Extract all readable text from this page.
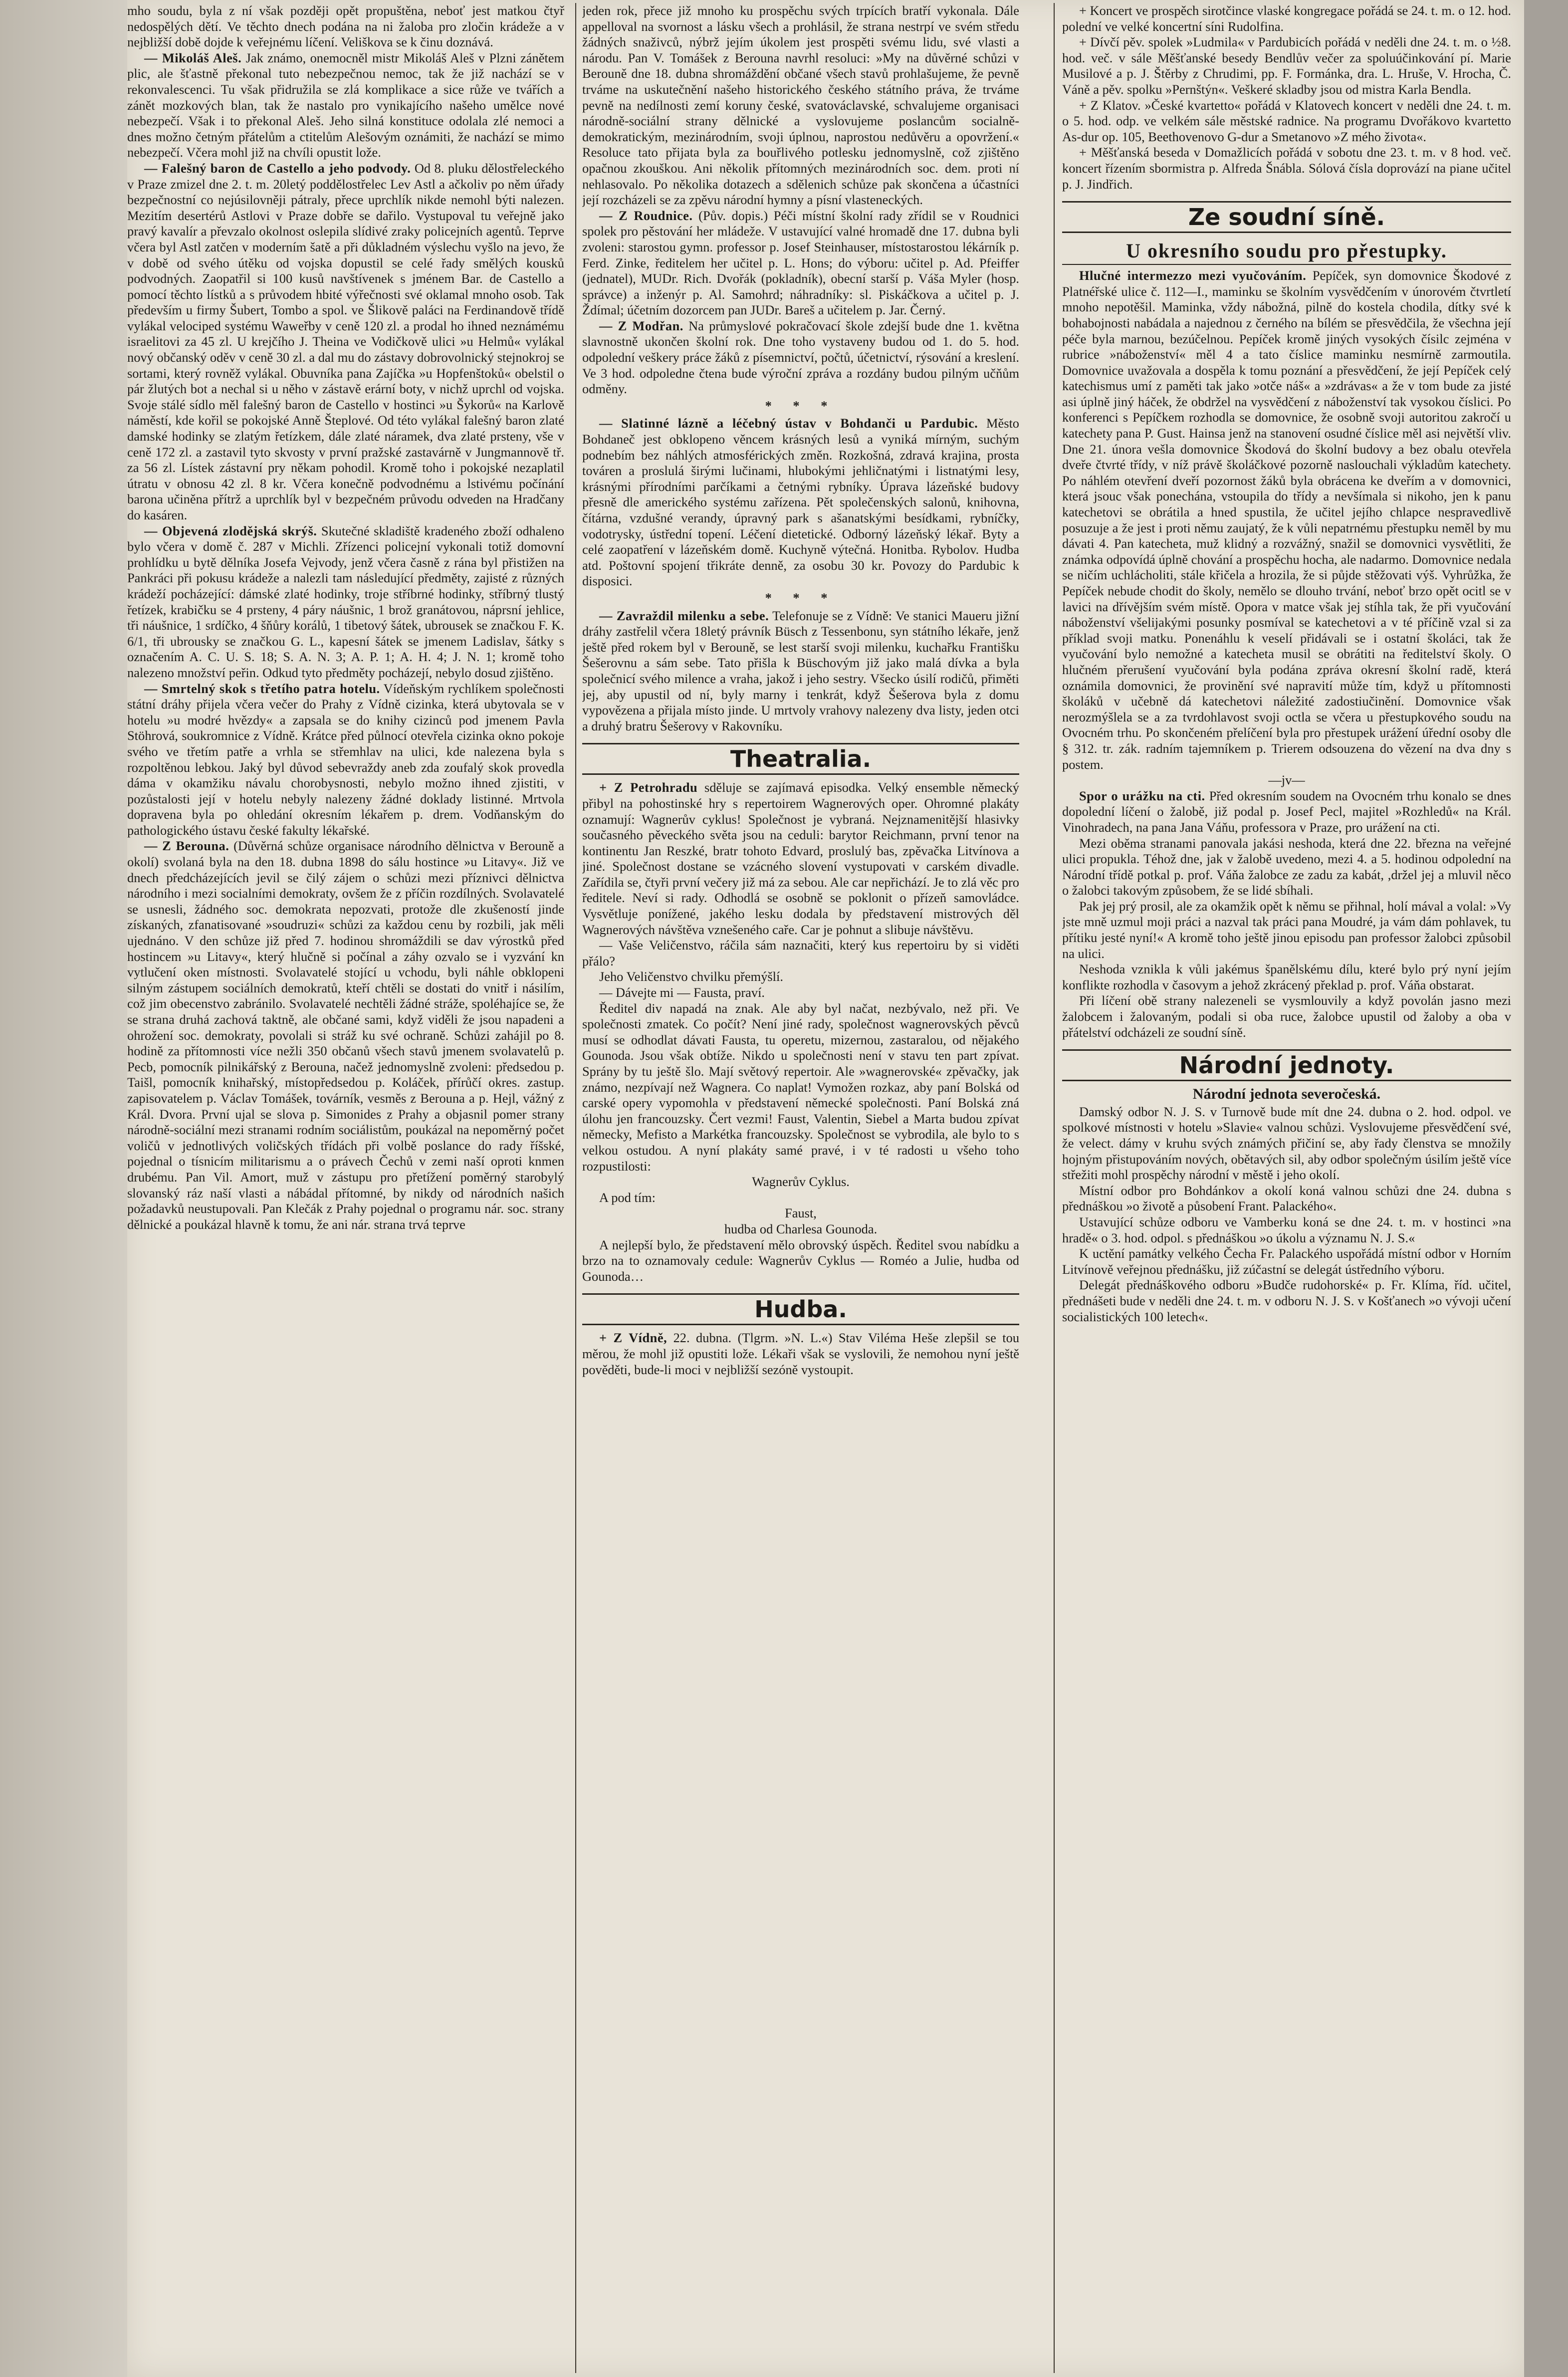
mho soudu, byla z ní však později opět propuštěna, neboť jest matkou čtyř nedospělých dětí. Ve těchto dnech podána na ni žaloba pro zločin krádeže a v nejbližší době dojde k veřejnému líčení. Veliškova se k činu doznává.

— Mikoláš Aleš. Jak známo, onemocněl mistr Mikoláš Aleš v Plzni zánětem plic, ale šťastně překonal tuto nebezpečnou nemoc, tak že již nachází se v rekonvalescenci. Tu však přidružila se zlá komplikace a sice růže ve tvářích a zánět mozkových blan, tak že nastalo pro vynikajícího našeho umělce nové nebezpečí. Však i to překonal Aleš. Jeho silná konstituce odolala zlé nemoci a dnes možno četným přátelům a ctitelům Alešovým oznámiti, že nachází se mimo nebezpečí. Včera mohl již na chvíli opustit lože.

— Falešný baron de Castello a jeho podvody. Od 8. pluku dělostřeleckého v Praze zmizel dne 2. t. m. 20letý poddělostřelec Lev Astl a ačkoliv po něm úřady bezpečnostní co nejúsilovněji pátraly, přece uprchlík nikde nemohl býti nalezen. Mezitím desertérů Astlovi v Praze dobře se dařilo. Vystupoval tu veřejně jako pravý kavalír a převzalo okolnost oslepila slídivé zraky policejních agentů. Teprve včera byl Astl zatčen v moderním šatě a při důkladném výslechu vyšlo na jevo, že v době od svého útěku od vojska dopustil se celé řady smělých kousků podvodných. Zaopatřil si 100 kusů navštívenek s jménem Bar. de Castello a pomocí těchto lístků a s průvodem hbité výřečnosti své oklamal mnoho osob. Tak především u firmy Šubert, Tombo a spol. ve Šlikově paláci na Ferdinandově třídě vylákal velociped systému Waweřby v ceně 120 zl. a prodal ho ihned neznámému israelitovi za 45 zl. U krejčího J. Theina ve Vodičkově ulici »u Helmů« vylákal nový občanský oděv v ceně 30 zl. a dal mu do zástavy dobrovolnický stejnokroj se sortami, který rovněž vylákal. Obuvníka pana Zajíčka »u Hopfenštoků« obelstil o pár žlutých bot a nechal si u něho v zástavě erární boty, v nichž uprchl od vojska. Svoje stálé sídlo měl falešný baron de Castello v hostinci »u Šykorů« na Karlově náměstí, kde kořil se pokojské Anně Šteplové. Od této vylákal falešný baron zlaté damské hodinky se zlatým řetízkem, dále zlaté náramek, dva zlaté prsteny, vše v ceně 172 zl. a zastavil tyto skvosty v první pražské zastavárně v Jungmannově tř. za 56 zl. Lístek zástavní pry někam pohodil. Kromě toho i pokojské nezaplatil útratu v obnosu 42 zl. 8 kr. Včera konečně podvodnému a lstivému počínání barona učiněna přítrž a uprchlík byl v bezpečném průvodu odveden na Hradčany do kasáren.

— Objevená zlodějská skrýš. Skutečné skladiště kradeného zboží odhaleno bylo včera v domě č. 287 v Michli. Zřízenci policejní vykonali totiž domovní prohlídku u bytě dělníka Josefa Vejvody, jenž včera časně z rána byl přistižen na Pankráci při pokusu krádeže a nalezli tam následující předměty, zajisté z různých krádeží pocházející: dámské zlaté hodinky, troje stříbrné hodinky, stříbrný tlustý řetízek, krabičku se 4 prsteny, 4 páry náušnic, 1 brož granátovou, náprsní jehlice, tři náušnice, 1 srdíčko, 4 šňůry korálů, 1 tibetový šátek, ubrousek se značkou F. K. 6/1, tři ubrousky se značkou G. L., kapesní šátek se jmenem Ladislav, šátky s označením A. C. U. S. 18; S. A. N. 3; A. P. 1; A. H. 4; J. N. 1; kromě toho nalezeno množství peřin. Odkud tyto předměty pocházejí, nebylo dosud zjištěno.

— Smrtelný skok s třetího patra hotelu. Vídeňským rychlíkem společnosti státní dráhy přijela včera večer do Prahy z Vídně cizinka, která ubytovala se v hotelu »u modré hvězdy« a zapsala se do knihy cizinců pod jmenem Pavla Stöhrová, soukromnice z Vídně. Krátce před půlnocí otevřela cizinka okno pokoje svého ve třetím patře a vrhla se střemhlav na ulici, kde nalezena byla s rozpoltěnou lebkou. Jaký byl důvod sebevraždy aneb zda zoufalý skok provedla dáma v okamžiku návalu chorobysnosti, nebylo možno ihned zjistiti, v pozůstalosti její v hotelu nebyly nalezeny žádné doklady listinné. Mrtvola dopravena byla po ohledání okresním lékařem p. drem. Vodňanským do pathologického ústavu české fakulty lékařské.

— Z Berouna. (Důvěrná schůze organisace národního dělnictva v Berouně a okolí) svolaná byla na den 18. dubna 1898 do sálu hostince »u Litavy«. Již ve dnech předcházejících jevil se čilý zájem o schůzi mezi příznivci dělnictva národního i mezi socialními demokraty, ovšem že z příčin rozdílných. Svolavatelé se usnesli, žádného soc. demokrata nepozvati, protože dle zkušeností jinde získaných, zfanatisované »soudruzi« schůzi za každou cenu by rozbili, jak měli ujednáno. V den schůze již před 7. hodinou shromáždili se dav výrostků před hostincem »u Litavy«, který hlučně si počínal a záhy ozvalo se i vyzvání kn vytlučení oken místnosti. Svolavatelé stojící u vchodu, byli náhle obklopeni silným zástupem sociálních demokratů, kteří chtěli se dostati do vnitř i násilím, což jim obecenstvo zabránilo. Svolavatelé nechtěli žádné stráže, spoléhajíce se, že se strana druhá zachová taktně, ale občané sami, když viděli že jsou napadeni a ohrožení soc. demokraty, povolali si stráž ku své ochraně. Schůzi zahájil po 8. hodině za přítomnosti více nežli 350 občanů všech stavů jmenem svolavatelů p. Pecb, pomocník pilnikářský z Berouna, načež jednomyslně zvoleni: předsedou p. Taišl, pomocník knihařský, místopředsedou p. Koláček, přírůčí okres. zastup. zapisovatelem p. Václav Tomášek, továrník, vesměs z Berouna a p. Hejl, vážný z Král. Dvora. První ujal se slova p. Simonides z Prahy a objasnil pomer strany národně-sociální mezi stranami rodním sociálistům, poukázal na nepoměrný počet voličů v jednotlivých voličských třídách při volbě poslance do rady říšské, pojednal o tísnicím militarismu a o právech Čechů v zemi naší oproti knmen drubému. Pan Vil. Amort, muž v zástupu pro přetížení poměrný starobylý slovanský ráz naší vlasti a nábádal přítomné, by nikdy od národních našich požadavků neustupovali. Pan Klečák z Prahy pojednal o programu nár. soc. strany dělnické a poukázal hlavně k tomu, že ani nár. strana trvá teprve

jeden rok, přece již mnoho ku prospěchu svých trpících bratří vykonala. Dále appelloval na svornost a lásku všech a prohlásil, že strana nestrpí ve svém středu žádných snaživců, nýbrž jejím úkolem jest prospěti svému lidu, své vlasti a národu. Pan V. Tomášek z Berouna navrhl resoluci: »My na důvěrné schůzi v Berouně dne 18. dubna shromáždění občané všech stavů prohlašujeme, že pevně trváme na uskutečnění našeho historického českého státního práva, že trváme pevně na nedílnosti zemí koruny české, svatováclavské, schvalujeme organisaci národně-sociální strany dělnické a vyslovujeme poslancům socialně-demokratickým, mezinárodním, svoji úplnou, naprostou nedůvěru a opovržení.« Resoluce tato přijata byla za bouřlivého potlesku jednomyslně, což zjištěno opačnou zkouškou. Ani několik přítomných mezinárodních soc. dem. proti ní nehlasovalo. Po několika dotazech a sdělenich schůze pak skončena a účastníci její rozcházeli se za zpěvu národní hymny a písní vlasteneckých.

— Z Roudnice. (Pův. dopis.) Péči místní školní rady zřídil se v Roudnici spolek pro pěstování her mládeže. V ustavující valné hromadě dne 17. dubna byli zvoleni: starostou gymn. professor p. Josef Steinhauser, místostarostou lékárník p. Ferd. Zinke, ředitelem her učitel p. L. Hons; do výboru: učitel p. Ad. Pfeiffer (jednatel), MUDr. Rich. Dvořák (pokladník), obecní starší p. Váša Myler (hosp. správce) a inženýr p. Al. Samohrd; náhradníky: sl. Piskáčkova a učitel p. J. Ždímal; účetním dozorcem pan JUDr. Bareš a učitelem p. Jar. Černý.

— Z Modřan. Na průmyslové pokračovací škole zdejší bude dne 1. května slavnostně ukončen školní rok. Dne toho vystaveny budou od 1. do 5. hod. odpolední veškery práce žáků z písemnictví, počtů, účetnictví, rýsování a kreslení. Ve 3 hod. odpoledne čtena bude výroční zpráva a rozdány budou pilným učňům odměny.

* * *

— Slatinné lázně a léčebný ústav v Bohdanči u Pardubic. Město Bohdaneč jest obklopeno věncem krásných lesů a vyniká mírným, suchým podnebím bez náhlých atmosférických změn. Rozkošná, zdravá krajina, prosta továren a proslulá širými lučinami, hlubokými jehličnatými i listnatými lesy, krásnými přírodními parčíkami a četnými rybníky. Úprava lázeňské budovy přesně dle amerického systému zařízena. Pět společenských salonů, knihovna, čítárna, vzdušné verandy, úpravný park s ašanatskými besídkami, rybníčky, vodotrysky, ústřední topení. Léčení dietetické. Odborný lázeňský lékař. Byty a celé zaopatření v lázeňském domě. Kuchyně výtečná. Honitba. Rybolov. Hudba atd. Poštovní spojení třikráte denně, za osobu 30 kr. Povozy do Pardubic k disposici.

* * *

— Zavraždil milenku a sebe. Telefonuje se z Vídně: Ve stanici Maueru jižní dráhy zastřelil včera 18letý právník Büsch z Tessenbonu, syn státního lékaře, jenž ještě před rokem byl v Berouně, se lest starší svoji milenku, kuchařku Františku Šešerovnu a sám sebe. Tato přišla k Büschovým již jako malá dívka a byla společnicí svého milence a vraha, jakož i jeho sestry. Všecko úsilí rodičů, přiměti jej, aby upustil od ní, byly marny i tenkrát, když Šešerova byla z domu vypovězena a přijala místo jinde. U mrtvoly vrahovy nalezeny dva listy, jeden otci a druhý bratru Šešerovy v Rakovníku.

Theatralia.

+ Z Petrohradu sděluje se zajímavá episodka. Velký ensemble německý přibyl na pohostinské hry s repertoirem Wagnerových oper. Ohromné plakáty oznamují: Wagnerův cyklus! Společnost je vybraná. Nejznamenitější hlasivky současného pěveckého světa jsou na ceduli: barytor Reichmann, první tenor na kontinentu Jan Reszké, bratr tohoto Edvard, proslulý bas, zpěvačka Litvínova a jiné. Společnost dostane se vzácného slovení vystupovati v carském divadle. Zařídila se, čtyři první večery již má za sebou. Ale car nepřichází. Je to zlá věc pro ředitele. Neví si rady. Odhodlá se osobně se poklonit o přízeň samovládce. Vysvětluje ponížené, jakého lesku dodala by představení mistrových děl Wagnerových návštěva vznešeného caře. Car je pohnut a slibuje návštěvu.

— Vaše Veličenstvo, ráčila sám naznačiti, který kus repertoiru by si viděti přálo?

Jeho Veličenstvo chvilku přemýšlí.

— Dávejte mi — Fausta, praví.

Ředitel div napadá na znak. Ale aby byl načat, nezbývalo, než při. Ve společnosti zmatek. Co počít? Není jiné rady, společnost wagnerovských pěvců musí se odhodlat dávati Fausta, tu operetu, mizernou, zastaralou, od nějakého Gounoda. Jsou však obtíže. Nikdo u společnosti není v stavu ten part zpívat. Sprány by tu ještě šlo. Mají světový repertoir. Ale »wagnerovské« zpěvačky, jak známo, nezpívají než Wagnera. Co naplat! Vymožen rozkaz, aby paní Bolská od carské opery vypomohla v představení německé společnosti. Paní Bolská zná úlohu jen francouzsky. Čert vezmi! Faust, Valentin, Siebel a Marta budou zpívat německy, Mefisto a Markétka francouzsky. Společnost se vybrodila, ale bylo to s velkou ostudou. A nyní plakáty samé pravé, i v té radosti u všeho toho rozpustilosti:

Wagnerův Cyklus.

A pod tím:

Faust,

hudba od Charlesa Gounoda.

A nejlepší bylo, že představení mělo obrovský úspěch. Ředitel svou nabídku a brzo na to oznamovaly cedule: Wagnerův Cyklus — Roméo a Julie, hudba od Gounoda…

Hudba.

+ Z Vídně, 22. dubna. (Tlgrm. »N. L.«) Stav Viléma Heše zlepšil se tou měrou, že mohl již opustiti lože. Lékaři však se vyslovili, že nemohou nyní ještě pověděti, bude-li moci v nejbližší sezóně vystoupit.

+ Koncert ve prospěch sirotčince vlaské kongregace pořádá se 24. t. m. o 12. hod. polední ve velké koncertní síni Rudolfina.

+ Dívčí pěv. spolek »Ludmila« v Pardubicích pořádá v neděli dne 24. t. m. o ½8. hod. več. v sále Měšťanské besedy Bendlův večer za spoluúčinkování pí. Marie Musilové a p. J. Štěrby z Chrudimi, pp. F. Formánka, dra. L. Hruše, V. Hrocha, Č. Váně a pěv. spolku »Pernštýn«. Veškeré skladby jsou od mistra Karla Bendla.

+ Z Klatov. »České kvartetto« pořádá v Klatovech koncert v neděli dne 24. t. m. o 5. hod. odp. ve velkém sále městské radnice. Na programu Dvořákovo kvartetto As-dur op. 105, Beethovenovo G-dur a Smetanovo »Z mého života«.

+ Měšťanská beseda v Domažlicích pořádá v sobotu dne 23. t. m. v 8 hod. več. koncert řízením sbormistra p. Alfreda Šnábla. Sólová čísla doprovází na piane učitel p. J. Jindřich.

Ze soudní síně.
U okresního soudu pro přestupky.

Hlučné intermezzo mezi vyučováním. Pepíček, syn domovnice Škodové z Platnéřské ulice č. 112—I., maminku se školním vysvědčením v únorovém čtvrtletí mnoho nepotěšil. Maminka, vždy nábožná, pilně do kostela chodila, dítky své k bohabojnosti nabádala a najednou z černého na bílém se přesvědčila, že všechna její péče byla marnou, bezúčelnou. Pepíček kromě jiných vysokých čísilc zejména v rubrice »náboženství« měl 4 a tato číslice maminku nesmírně zarmoutila. Domovnice uvažovala a dospěla k tomu poznání a přesvědčení, že její Pepíček celý katechismus umí z paměti tak jako »otče náš« a »zdrávas« a že v tom bude za jisté asi úplně jiný háček, že obdržel na vysvědčení z náboženství tak vysokou číslici. Po konferenci s Pepíčkem rozhodla se domovnice, že osobně svoji autoritou zakročí u katechety pana P. Gust. Hainsa jenž na stanovení osudné číslice měl asi největší vliv. Dne 21. února vešla domovnice Škodová do školní budovy a bez obalu otevřela dveře čtvrté třídy, v níž právě školáčkové pozorně naslouchali výkladům katechety. Po náhlém otevření dveří pozornost žáků byla obrácena ke dveřím a v domovnici, která jsouc však ponechána, vstoupila do třídy a nevšímala si nikoho, jen k panu katechetovi se obrátila a hned spustila, že učitel jejího chlapce nespravedlivě posuzuje a že jest i proti němu zaujatý, že k vůli nepatrnému přestupku neměl by mu dávati 4. Pan katecheta, muž klidný a rozvážný, snažil se domovnici vysvětliti, že známka odpovídá úplně chování a prospěchu hocha, ale nadarmo. Domovnice nedala se ničím uchlácholiti, stále křičela a hrozila, že si půjde stěžovati výš. Vyhrůžka, že Pepíček nebude chodit do školy, nemělo se dlouho trvání, neboť brzo opět ocitl se v lavici na dřívějším svém místě. Opora v matce však jej stíhla tak, že při vyučování náboženství všelijakými posunky posmíval se katechetovi a v té příčině vzal si za příklad svoji matku. Ponenáhlu k veselí přidávali se i ostatní školáci, tak že vyučování bylo nemožné a katecheta musil se obrátiti na ředitelství školy. O hlučném přerušení vyučování byla podána zpráva okresní školní radě, která oznámila domovnici, že provinění své napravití může tím, když u přítomnosti školáků v učebně dá katechetovi náležité zadostiučinění. Domovnice však nerozmýšlela se a za tvrdohlavost svoji octla se včera u přestupkového soudu na Ovocném trhu. Po skončeném přelíčení byla pro přestupek urážení úřední osoby dle § 312. tr. zák. radním tajemníkem p. Trierem odsouzena do vězení na dva dny s postem.

—jv—

Spor o urážku na cti. Před okresním soudem na Ovocném trhu konalo se dnes dopolední líčení o žalobě, již podal p. Josef Pecl, majitel »Rozhledů« na Král. Vinohradech, na pana Jana Váňu, professora v Praze, pro urážení na cti.

Mezi oběma stranami panovala jakási neshoda, která dne 22. března na veřejné ulici propukla. Téhož dne, jak v žalobě uvedeno, mezi 4. a 5. hodinou odpolední na Národní třídě potkal p. prof. Váňa žalobce ze zadu za kabát, ,držel jej a mluvil něco o žalobci takovým způsobem, že se lidé sbíhali.

Pak jej prý prosil, ale za okamžik opět k němu se přihnal, holí mával a volal: »Vy jste mně uzmul moji práci a nazval tak práci pana Moudré, ja vám dám pohlavek, tu přítiku jesté nyní!« A kromě toho ještě jinou episodu pan professor žalobci způsobil na ulici.

Neshoda vznikla k vůli jakémus španělskému dílu, které bylo prý nyní jejím konflikte rozhodla v časovym a jehož zkrácený překlad p. prof. Váňa obstarat.

Při líčení obě strany nalezeneli se vysmlouvily a když povolán jasno mezi žalobcem i žalovaným, podali si oba ruce, žalobce upustil od žaloby a oba v přátelství odcházeli ze soudní síně.

Národní jednoty.

Národní jednota severočeská.

Damský odbor N. J. S. v Turnově bude mít dne 24. dubna o 2. hod. odpol. ve spolkové místnosti v hotelu »Slavie« valnou schůzi. Vyslovujeme přesvědčení své, že velect. dámy v kruhu svých známých přičiní se, aby řady členstva se množily hojným přistupováním nových, obětavých sil, aby odbor společným úsilím ještě více střežiti mohl prospěchy národní v městě i jeho okolí.

Místní odbor pro Bohdánkov a okolí koná valnou schůzi dne 24. dubna s přednáškou »o životě a působení Frant. Palackého«.

Ustavující schůze odboru ve Vamberku koná se dne 24. t. m. v hostinci »na hradě« o 3. hod. odpol. s přednáškou »o úkolu a významu N. J. S.«

K uctění památky velkého Čecha Fr. Palackého uspořádá místní odbor v Horním Litvínově veřejnou přednášku, již zúčastní se delegát ústředního výboru.

Delegát přednáškového odboru »Budče rudohorské« p. Fr. Klíma, říd. učitel, přednášeti bude v neděli dne 24. t. m. v odboru N. J. S. v Košťanech »o vývoji učení socialistických 100 letech«.
